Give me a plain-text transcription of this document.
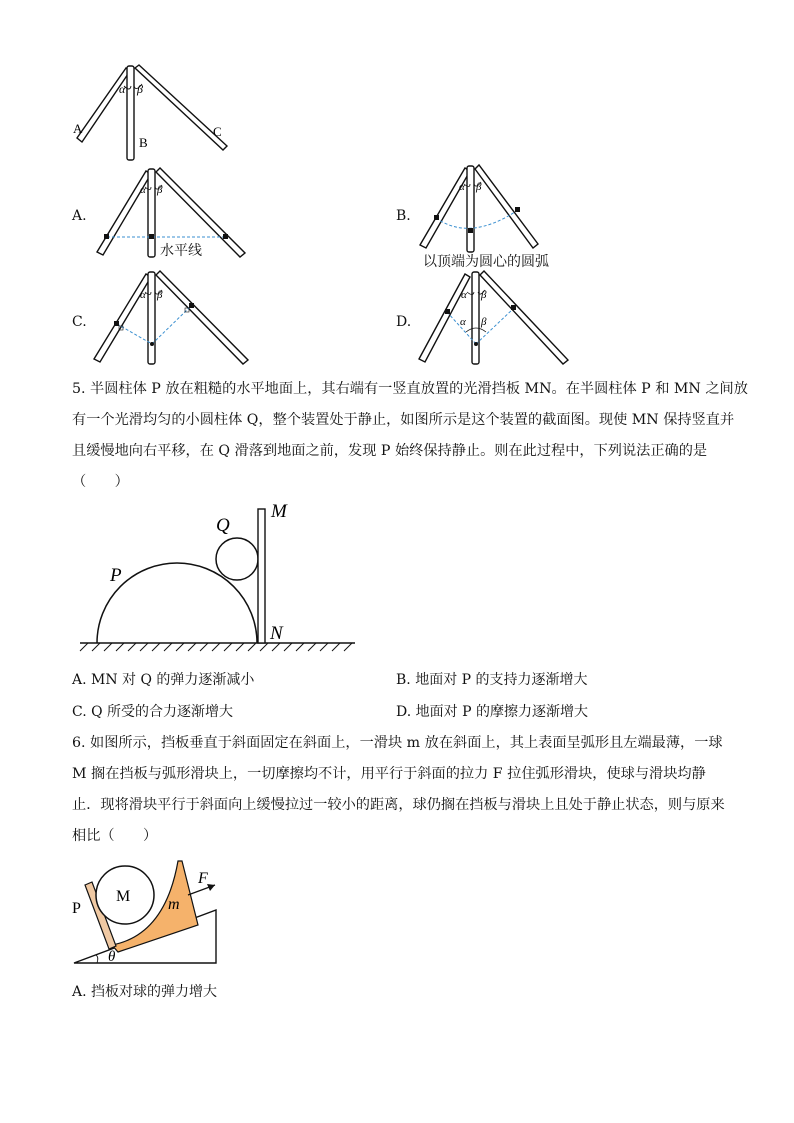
α β
A
B
C
A.
α β
水平线
B.
α β
以顶端为圆心的圆弧
C.
α β
D.
α β
α β
5. 半圆柱体 P 放在粗糙的水平地面上，其右端有一竖直放置的光滑挡板 MN。在半圆柱体 P 和 MN 之间放
有一个光滑均匀的小圆柱体 Q，整个装置处于静止，如图所示是这个装置的截面图。现使 MN 保持竖直并
且缓慢地向右平移，在 Q 滑落到地面之前，发现 P 始终保持静止。则在此过程中，下列说法正确的是
（　　）
P
Q
M
N
A. MN 对 Q 的弹力逐渐减小	B. 地面对 P 的支持力逐渐增大
C. Q 所受的合力逐渐增大	D. 地面对 P 的摩擦力逐渐增大
6. 如图所示，挡板垂直于斜面固定在斜面上，一滑块 m 放在斜面上，其上表面呈弧形且左端最薄，一球
M 搁在挡板与弧形滑块上，一切摩擦均不计，用平行于斜面的拉力 F 拉住弧形滑块，使球与滑块均静
止．现将滑块平行于斜面向上缓慢拉过一较小的距离，球仍搁在挡板与滑块上且处于静止状态，则与原来
相比（　　）
P
M m
F
θ
A. 挡板对球的弹力增大
